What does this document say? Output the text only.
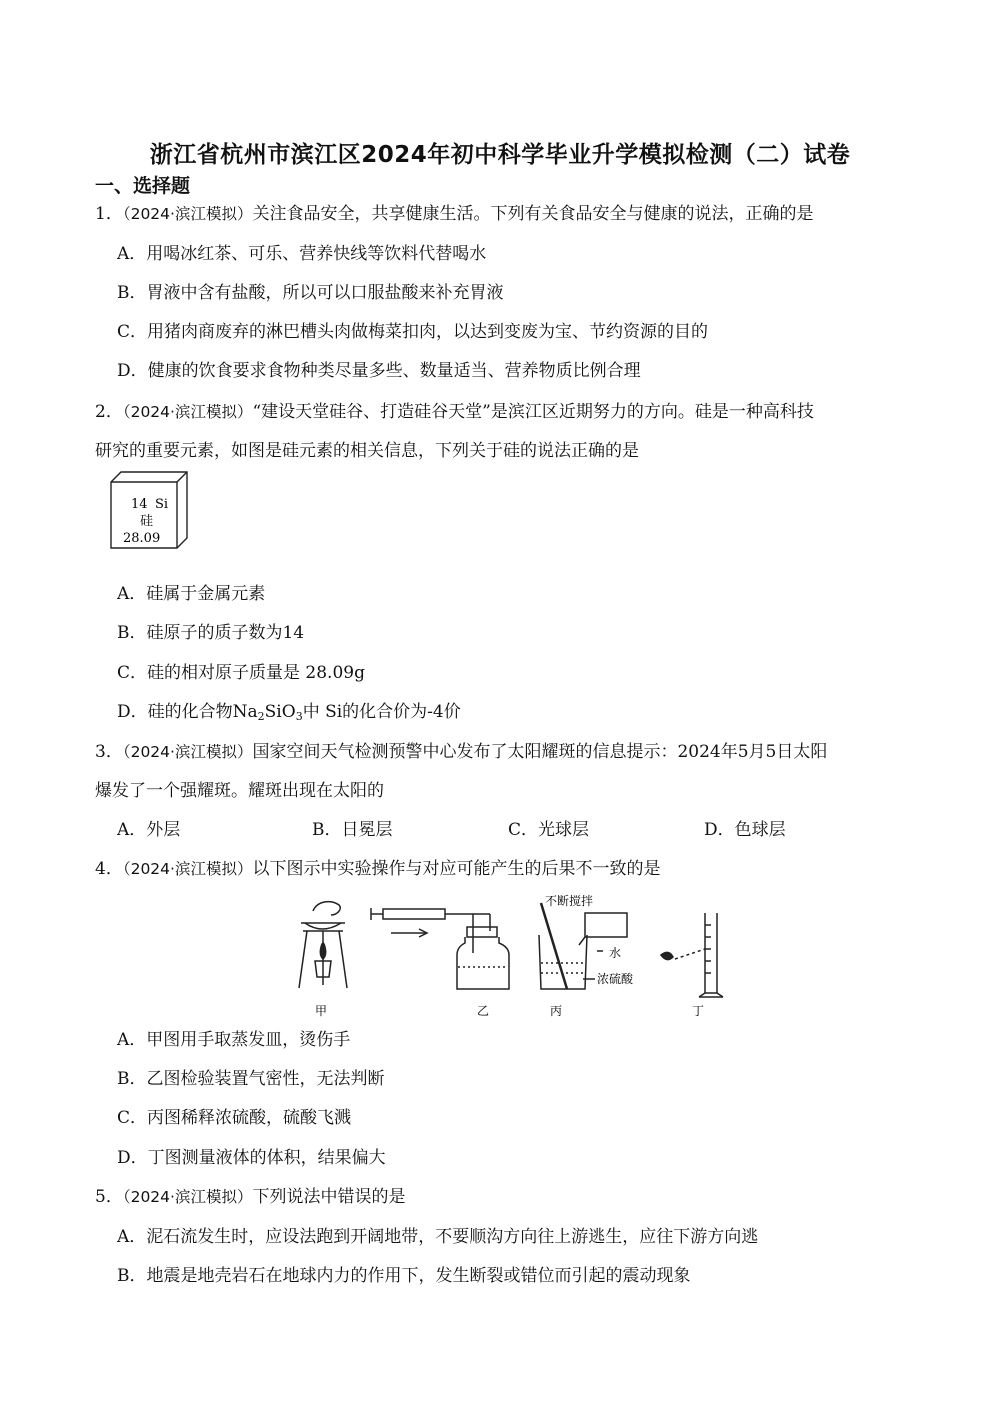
浙江省杭州市滨江区2024年初中科学毕业升学模拟检测（二）试卷
一、选择题
1．（2024·滨江模拟）关注食品安全，共享健康生活。下列有关食品安全与健康的说法，正确的是
A．用喝冰红茶、可乐、营养快线等饮料代替喝水
B．胃液中含有盐酸，所以可以口服盐酸来补充胃液
C．用猪肉商废弃的淋巴槽头肉做梅菜扣肉，以达到变废为宝、节约资源的目的
D．健康的饮食要求食物种类尽量多些、数量适当、营养物质比例合理
2．（2024·滨江模拟）“建设天堂硅谷、打造硅谷天堂”是滨江区近期努力的方向。硅是一种高科技
研究的重要元素，如图是硅元素的相关信息，下列关于硅的说法正确的是
14 Si
硅
28.09
A．硅属于金属元素
B．硅原子的质子数为14
C．硅的相对原子质量是 28.09g
D．硅的化合物$Na_2SiO_3$中 Si的化合价为-4价
3．（2024·滨江模拟）国家空间天气检测预警中心发布了太阳耀斑的信息提示：2024年5月5日太阳
爆发了一个强耀斑。耀斑出现在太阳的
A．外层	B．日冕层	C．光球层	D．色球层
4．（2024·滨江模拟）以下图示中实验操作与对应可能产生的后果不一致的是
甲	乙
不断搅拌
水
浓硫酸
丙	丁
A．甲图用手取蒸发皿，烫伤手
B．乙图检验装置气密性，无法判断
C．丙图稀释浓硫酸，硫酸飞溅
D．丁图测量液体的体积，结果偏大
5．（2024·滨江模拟）下列说法中错误的是
A．泥石流发生时，应设法跑到开阔地带，不要顺沟方向往上游逃生，应往下游方向逃
B．地震是地壳岩石在地球内力的作用下，发生断裂或错位而引起的震动现象
